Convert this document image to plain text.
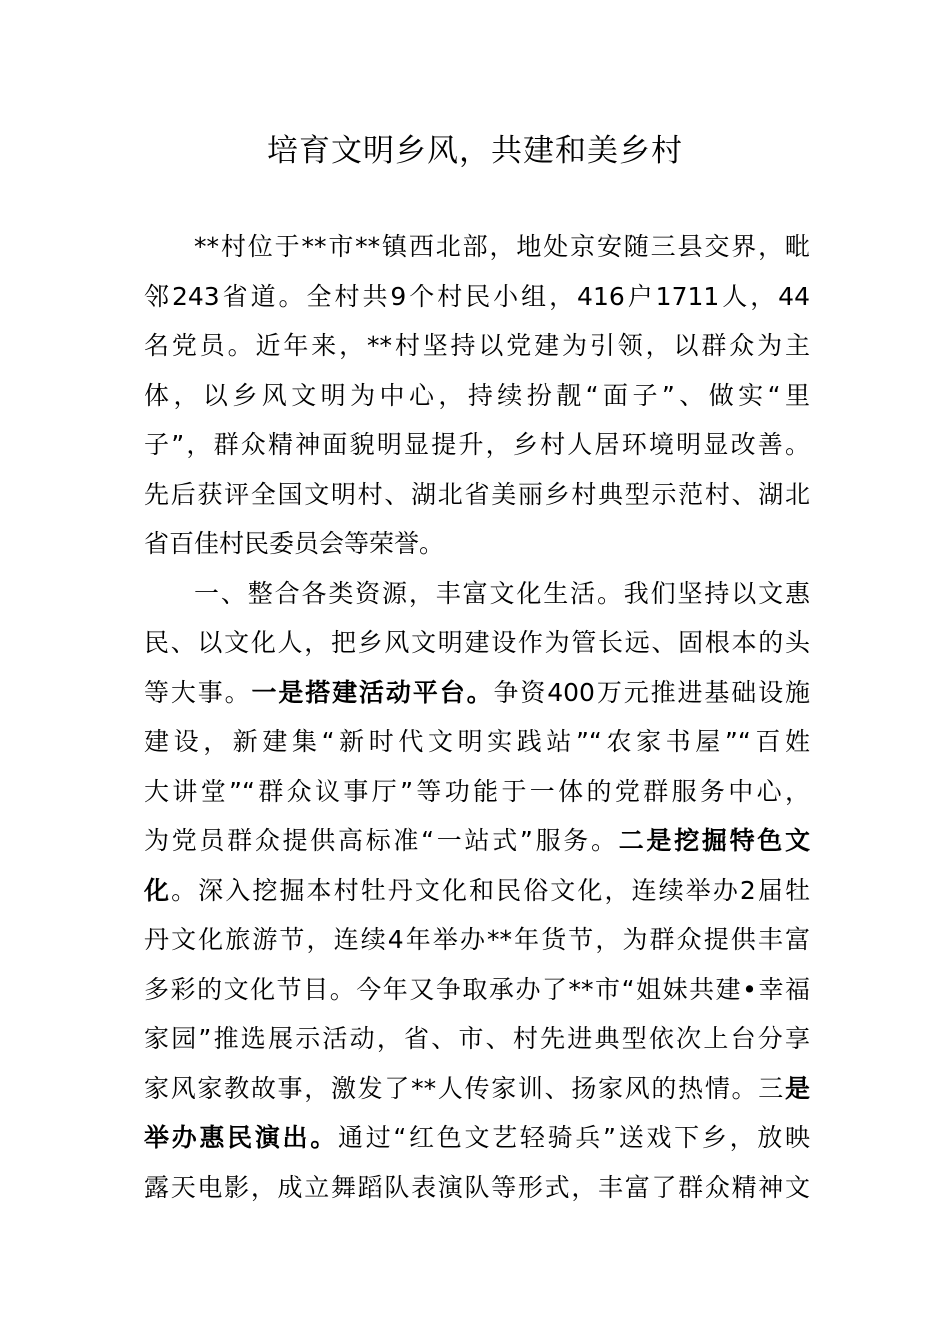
培育文明乡风，共建和美乡村
**村位于**市**镇西北部，地处京安随三县交界，毗
邻243省道。全村共9个村民小组，416户1711人，44
名党员。近年来，**村坚持以党建为引领，以群众为主
体，以乡风文明为中心，持续扮靓“面子”、做实“里
子”，群众精神面貌明显提升，乡村人居环境明显改善。
先后获评全国文明村、湖北省美丽乡村典型示范村、湖北
省百佳村民委员会等荣誉。
一、整合各类资源，丰富文化生活。我们坚持以文惠
民、以文化人，把乡风文明建设作为管长远、固根本的头
等大事。一是搭建活动平台。争资400万元推进基础设施
建设，新建集“新时代文明实践站”“农家书屋”“百姓
大讲堂”“群众议事厅”等功能于一体的党群服务中心，
为党员群众提供高标准“一站式”服务。二是挖掘特色文
化。深入挖掘本村牡丹文化和民俗文化，连续举办2届牡
丹文化旅游节，连续4年举办**年货节，为群众提供丰富
多彩的文化节目。今年又争取承办了**市“姐妹共建•幸福
家园”推选展示活动，省、市、村先进典型依次上台分享
家风家教故事，激发了**人传家训、扬家风的热情。三是
举办惠民演出。通过“红色文艺轻骑兵”送戏下乡，放映
露天电影，成立舞蹈队表演队等形式，丰富了群众精神文
